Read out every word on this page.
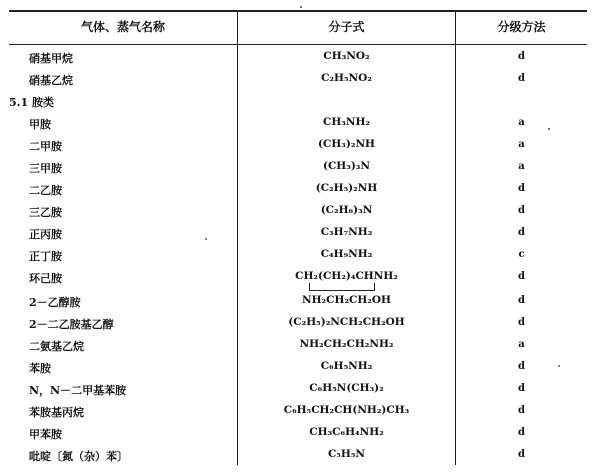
气体、蒸气名称	分子式	分级方法
硝基甲烷	CH₃NO₂	d
硝基乙烷	C₂H₅NO₂	d
5.1 胺类
甲胺	CH₃NH₂	a
二甲胺	(CH₃)₂NH	a
三甲胺	(CH₃)₃N	a
二乙胺	(C₂H₅)₂NH	d
三乙胺	(C₂H₆)₃N	d
正丙胺	C₃H₇NH₂	d
正丁胺	C₄H₉NH₂	c
环己胺	CH₂(CH₂)₄CHNH₂	d
2－乙醇胺	NH₂CH₂CH₂OH	d
2－二乙胺基乙醇	(C₂H₅)₂NCH₂CH₂OH	d
二氨基乙烷	NH₂CH₂CH₂NH₂	a
苯胺	C₆H₅NH₂	d
N，N－二甲基苯胺	C₆H₅N(CH₃)₂	d
苯胺基丙烷	C₆H₅CH₂CH(NH₂)CH₃	d
甲苯胺	CH₃C₆H₄NH₂	d
吡啶〔氮（杂）苯〕	C₅H₅N	d
